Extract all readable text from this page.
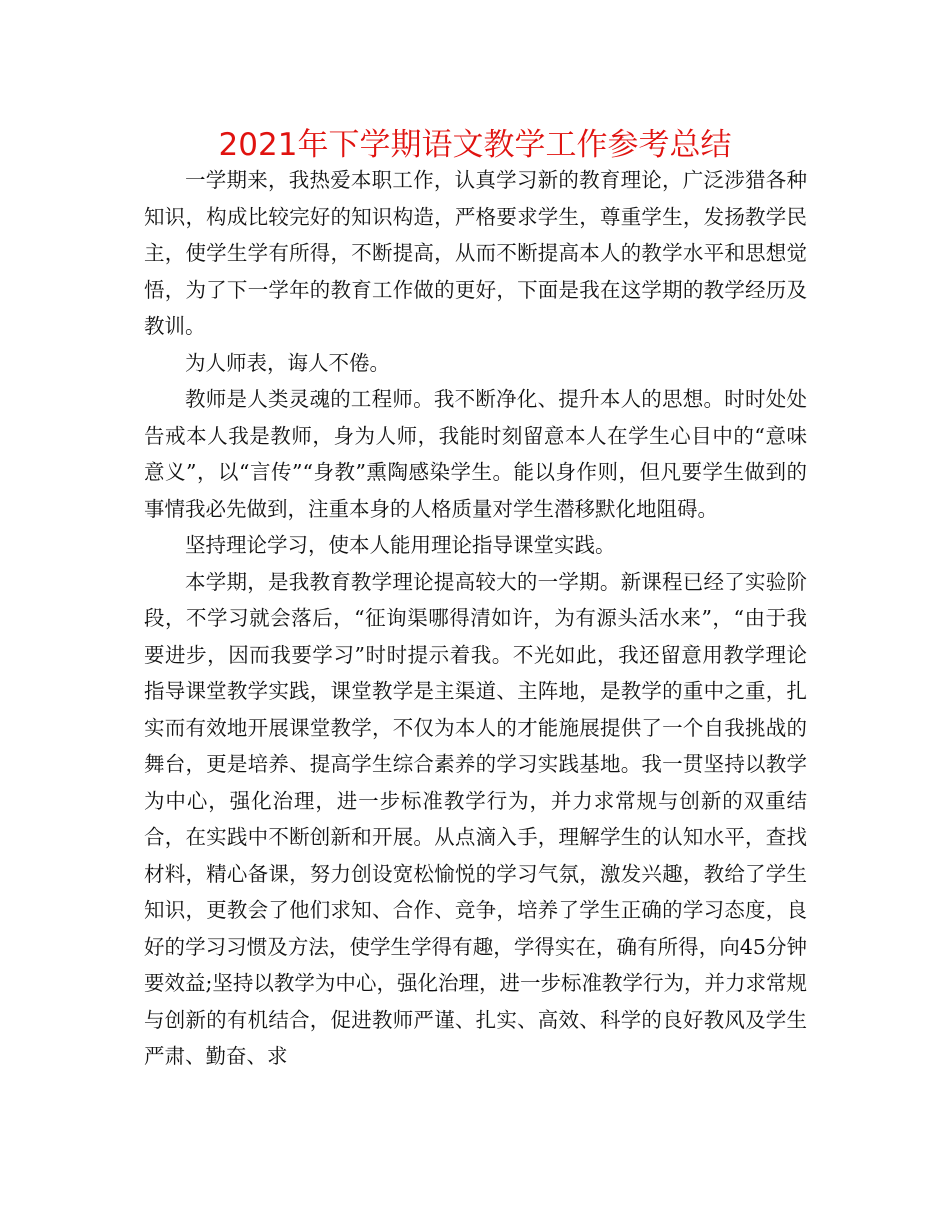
2021年下学期语文教学工作参考总结

一学期来，我热爱本职工作，认真学习新的教育理论，广泛涉猎各种知识，构成比较完好的知识构造，严格要求学生，尊重学生，发扬教学民主，使学生学有所得，不断提高，从而不断提高本人的教学水平和思想觉悟，为了下一学年的教育工作做的更好，下面是我在这学期的教学经历及教训。

为人师表，诲人不倦。

教师是人类灵魂的工程师。我不断净化、提升本人的思想。时时处处告戒本人我是教师，身为人师，我能时刻留意本人在学生心目中的“意味意义”，以“言传”“身教”熏陶感染学生。能以身作则，但凡要学生做到的事情我必先做到，注重本身的人格质量对学生潜移默化地阻碍。

坚持理论学习，使本人能用理论指导课堂实践。

本学期，是我教育教学理论提高较大的一学期。新课程已经了实验阶段，不学习就会落后，“征询渠哪得清如许，为有源头活水来”，“由于我要进步，因而我要学习”时时提示着我。不光如此，我还留意用教学理论指导课堂教学实践，课堂教学是主渠道、主阵地，是教学的重中之重，扎实而有效地开展课堂教学，不仅为本人的才能施展提供了一个自我挑战的舞台，更是培养、提高学生综合素养的学习实践基地。我一贯坚持以教学为中心，强化治理，进一步标准教学行为，并力求常规与创新的双重结合，在实践中不断创新和开展。从点滴入手，理解学生的认知水平，查找材料，精心备课，努力创设宽松愉悦的学习气氛，激发兴趣，教给了学生知识，更教会了他们求知、合作、竞争，培养了学生正确的学习态度，良好的学习习惯及方法，使学生学得有趣，学得实在，确有所得，向45分钟要效益;坚持以教学为中心，强化治理，进一步标准教学行为，并力求常规与创新的有机结合，促进教师严谨、扎实、高效、科学的良好教风及学生严肃、勤奋、求
